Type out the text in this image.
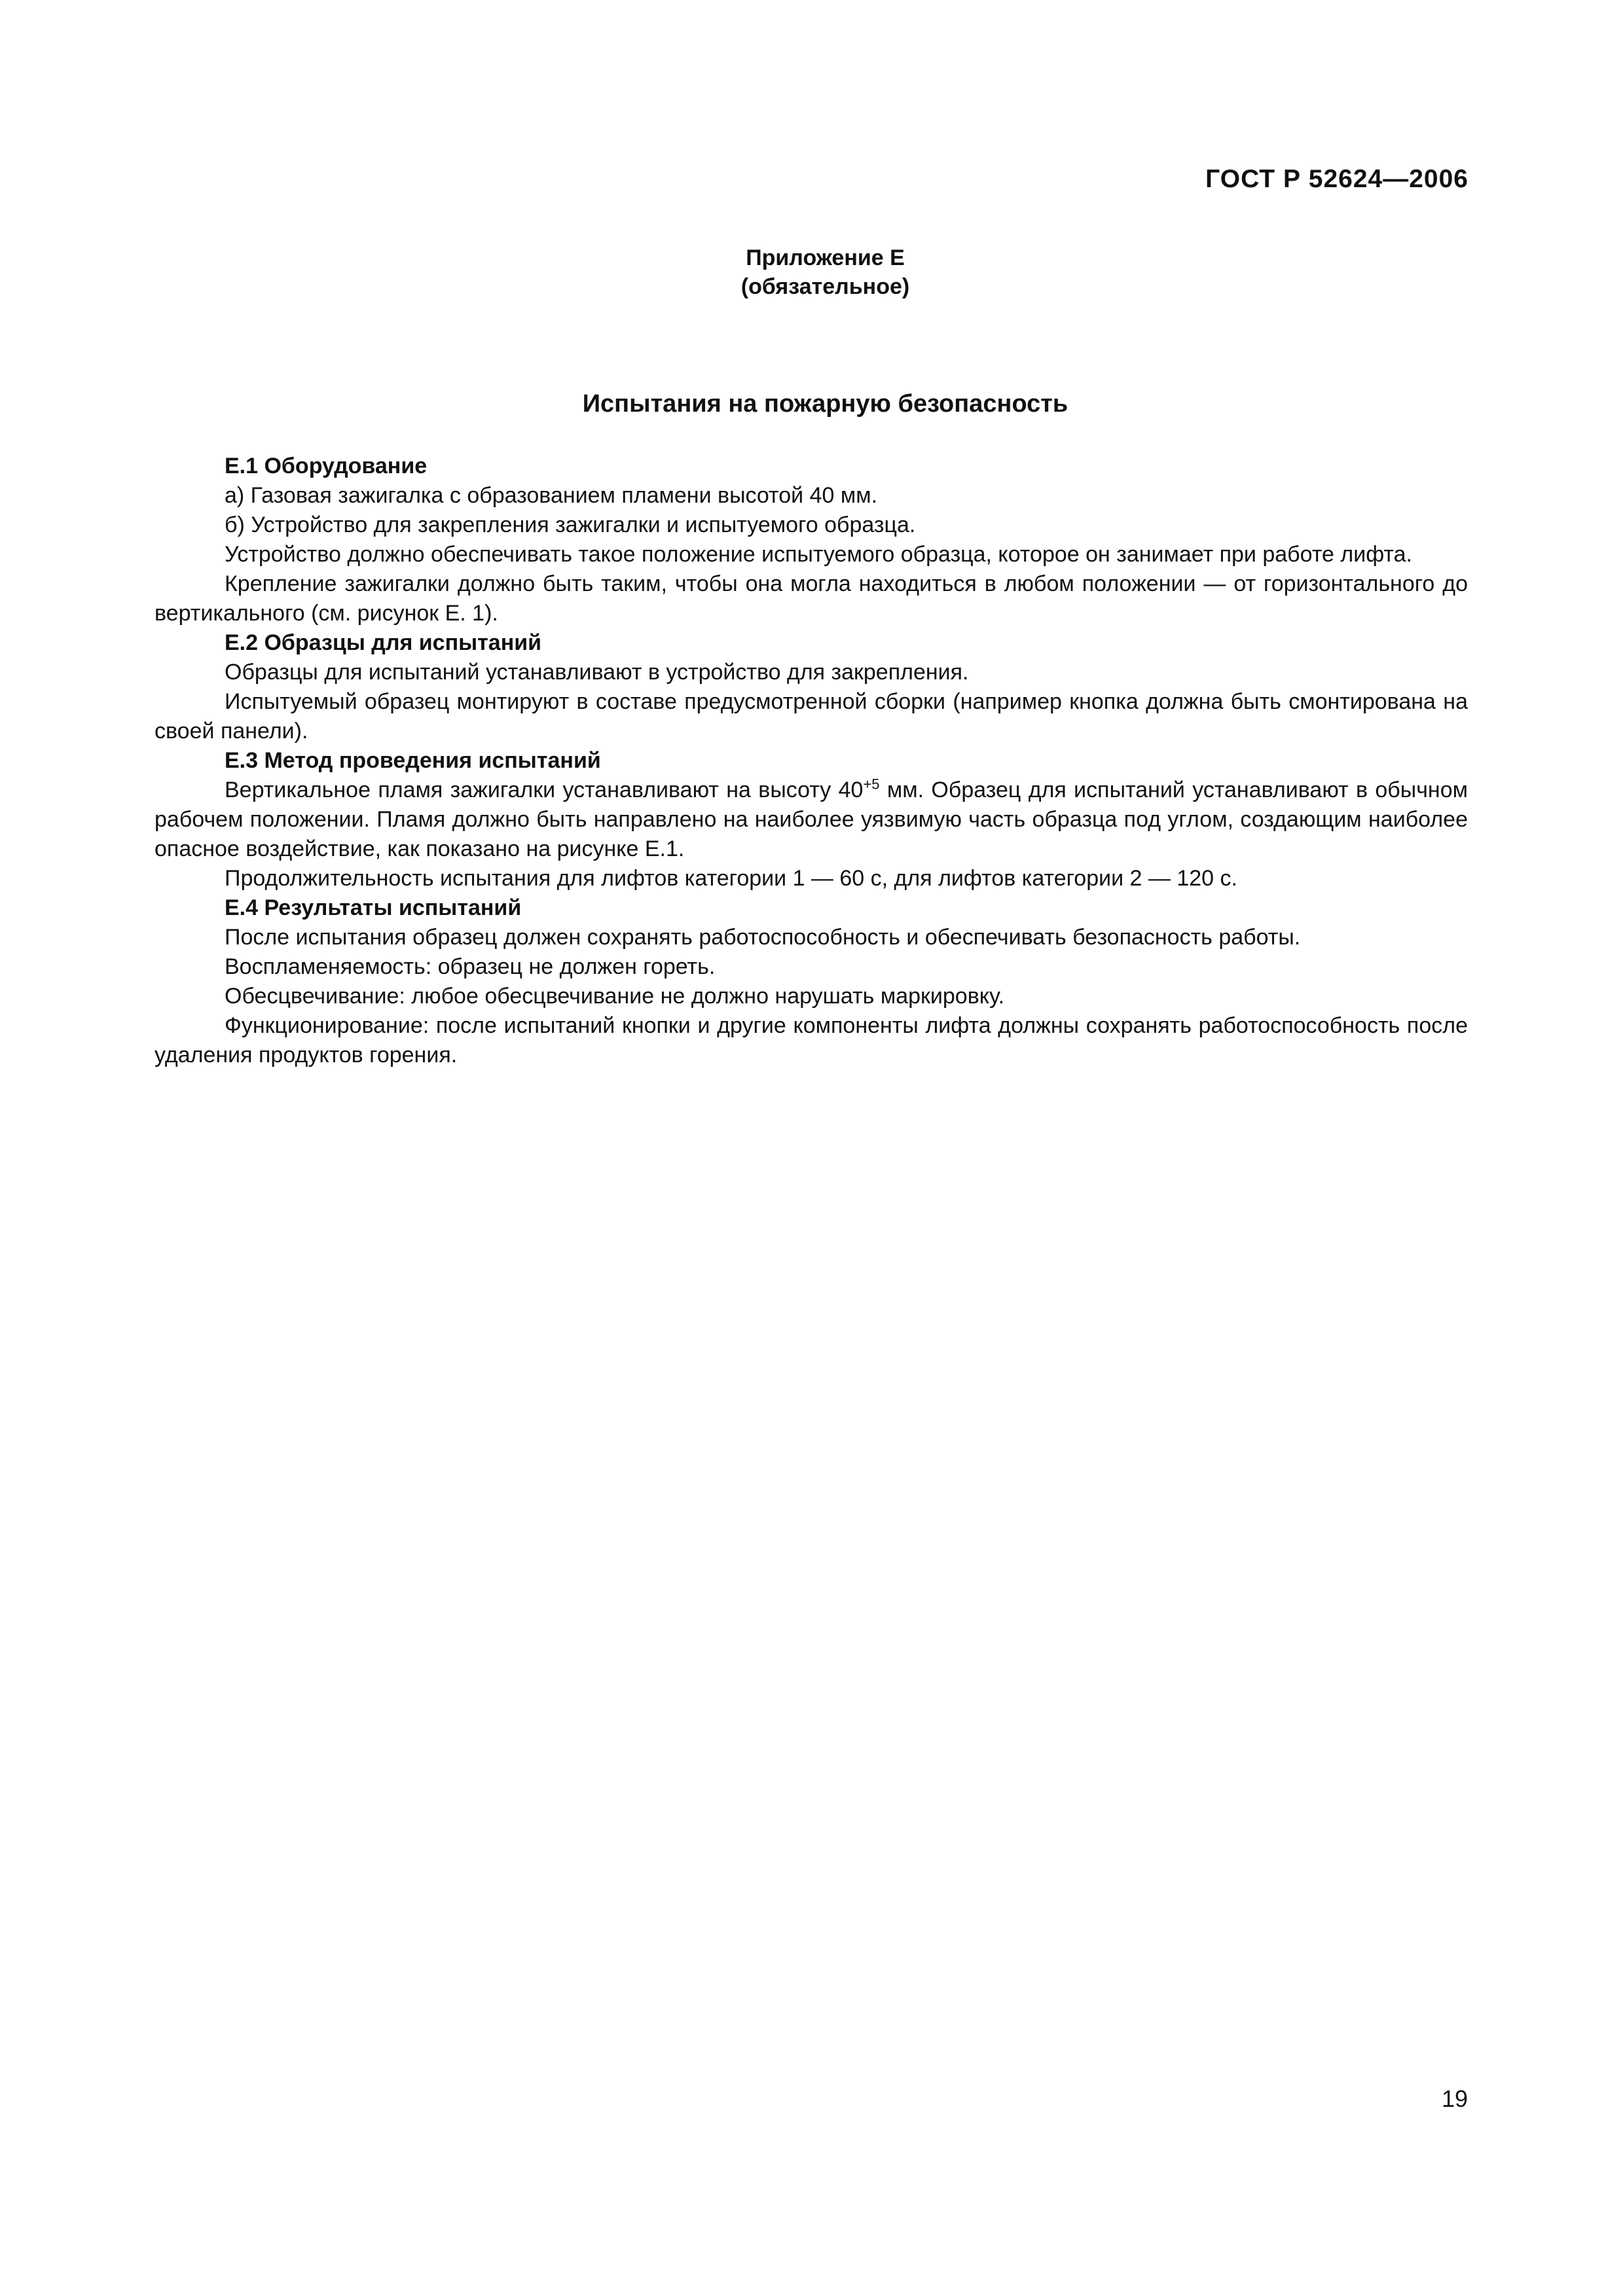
ГОСТ Р 52624—2006
Приложение Е
(обязательное)
Испытания на пожарную безопасность

Е.1 Оборудование

а) Газовая зажигалка с образованием пламени высотой 40 мм.

б) Устройство для закрепления зажигалки и испытуемого образца.

Устройство должно обеспечивать такое положение испытуемого образца, которое он занимает при работе лифта.

Крепление зажигалки должно быть таким, чтобы она могла находиться в любом положении — от горизонтального до вертикального (см. рисунок Е. 1).

Е.2 Образцы для испытаний

Образцы для испытаний устанавливают в устройство для закрепления.

Испытуемый образец монтируют в составе предусмотренной сборки (например кнопка должна быть смонтирована на своей панели).

Е.3 Метод проведения испытаний

Вертикальное пламя зажигалки устанавливают на высоту $40^{+5}$ мм. Образец для испытаний устанавливают в обычном рабочем положении. Пламя должно быть направлено на наиболее уязвимую часть образца под углом, создающим наиболее опасное воздействие, как показано на рисунке Е.1.

Продолжительность испытания для лифтов категории 1 — 60 с, для лифтов категории 2 — 120 с.

Е.4 Результаты испытаний

После испытания образец должен сохранять работоспособность и обеспечивать безопасность работы.

Воспламеняемость: образец не должен гореть.

Обесцвечивание: любое обесцвечивание не должно нарушать маркировку.

Функционирование: после испытаний кнопки и другие компоненты лифта должны сохранять работоспособность после удаления продуктов горения.

19
